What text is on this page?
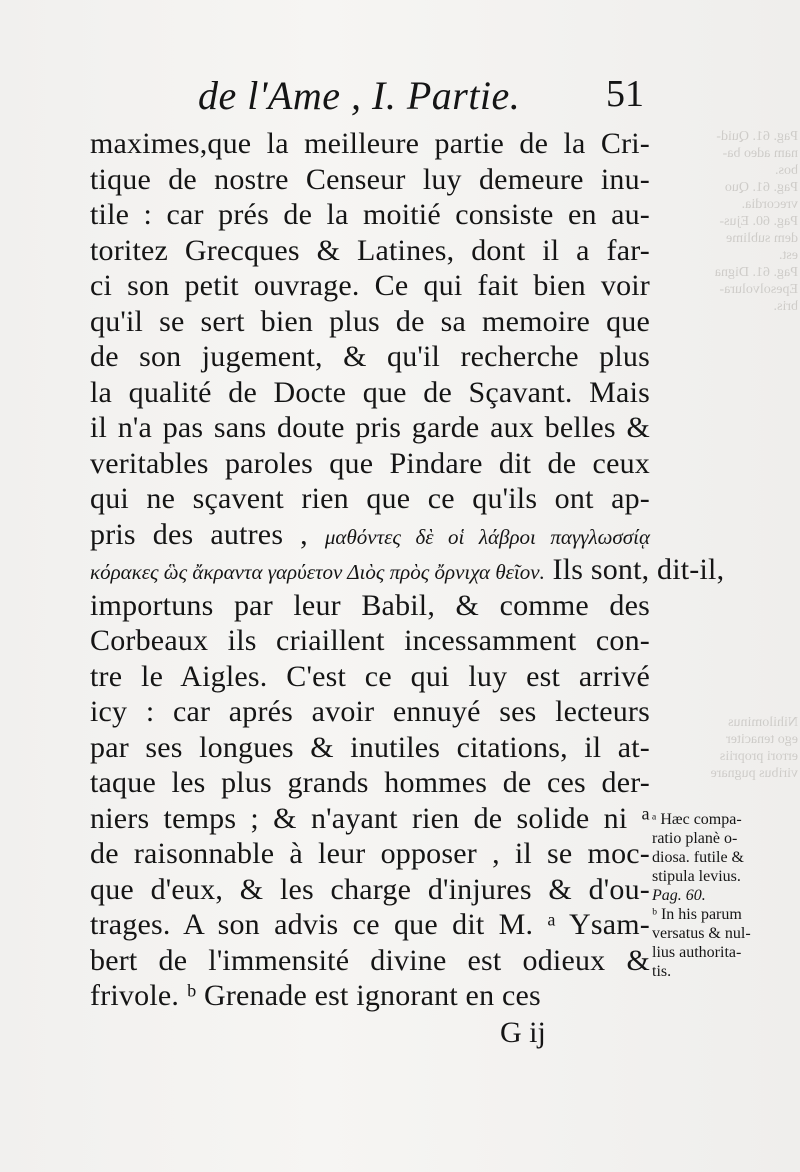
de l'Ame , I. Partie. 51
Pag. 61. Quid-
nam adeo ba-
bos.
Pag. 61. Quo
vrecordia.
Pag. 60. Ejus-
dem sublime
est.
Pag. 61. Digna
Epesolvolura-
bris.
Nihilominus
ego tenaciter
errori propriis
viribus pugnare
maximes,que la meilleure partie de la Cri-
tique de nostre Censeur luy demeure inu-
tile : car prés de la moitié consiste en au-
toritez Grecques & Latines, dont il a far-
ci son petit ouvrage. Ce qui fait bien voir
qu'il se sert bien plus de sa memoire que
de son jugement, & qu'il recherche plus
la qualité de Docte que de Sçavant. Mais
il n'a pas sans doute pris garde aux belles &
veritables paroles que Pindare dit de ceux
qui ne sçavent rien que ce qu'ils ont ap-
pris des autres , μαθόντες δὲ οἱ λάβροι παγγλωσσίᾳ
κόρακες ὣς ἄκραντα γαρύετον Διὸς πρὸς ὄρνιχα θεῖον. Ils sont, dit-il,
importuns par leur Babil, & comme des
Corbeaux ils criaillent incessamment con-
tre le Aigles. C'est ce qui luy est arrivé
icy : car aprés avoir ennuyé ses lecteurs
par ses longues & inutiles citations, il at-
taque les plus grands hommes de ces der-
niers temps ; & n'ayant rien de solide ni ᵃ
de raisonnable à leur opposer , il se moc-
que d'eux, & les charge d'injures & d'ou-
trages. A son advis ce que dit M. ᵃ Ysam-
bert de l'immensité divine est odieux &
frivole. ᵇ Grenade est ignorant en ces
ᵃ Hæc compa-
ratio planè o-
diosa. futile &
stipula levius.
Pag. 60.
ᵇ In his parum
versatus & nul-
lius authorita-
tis.
G ij
